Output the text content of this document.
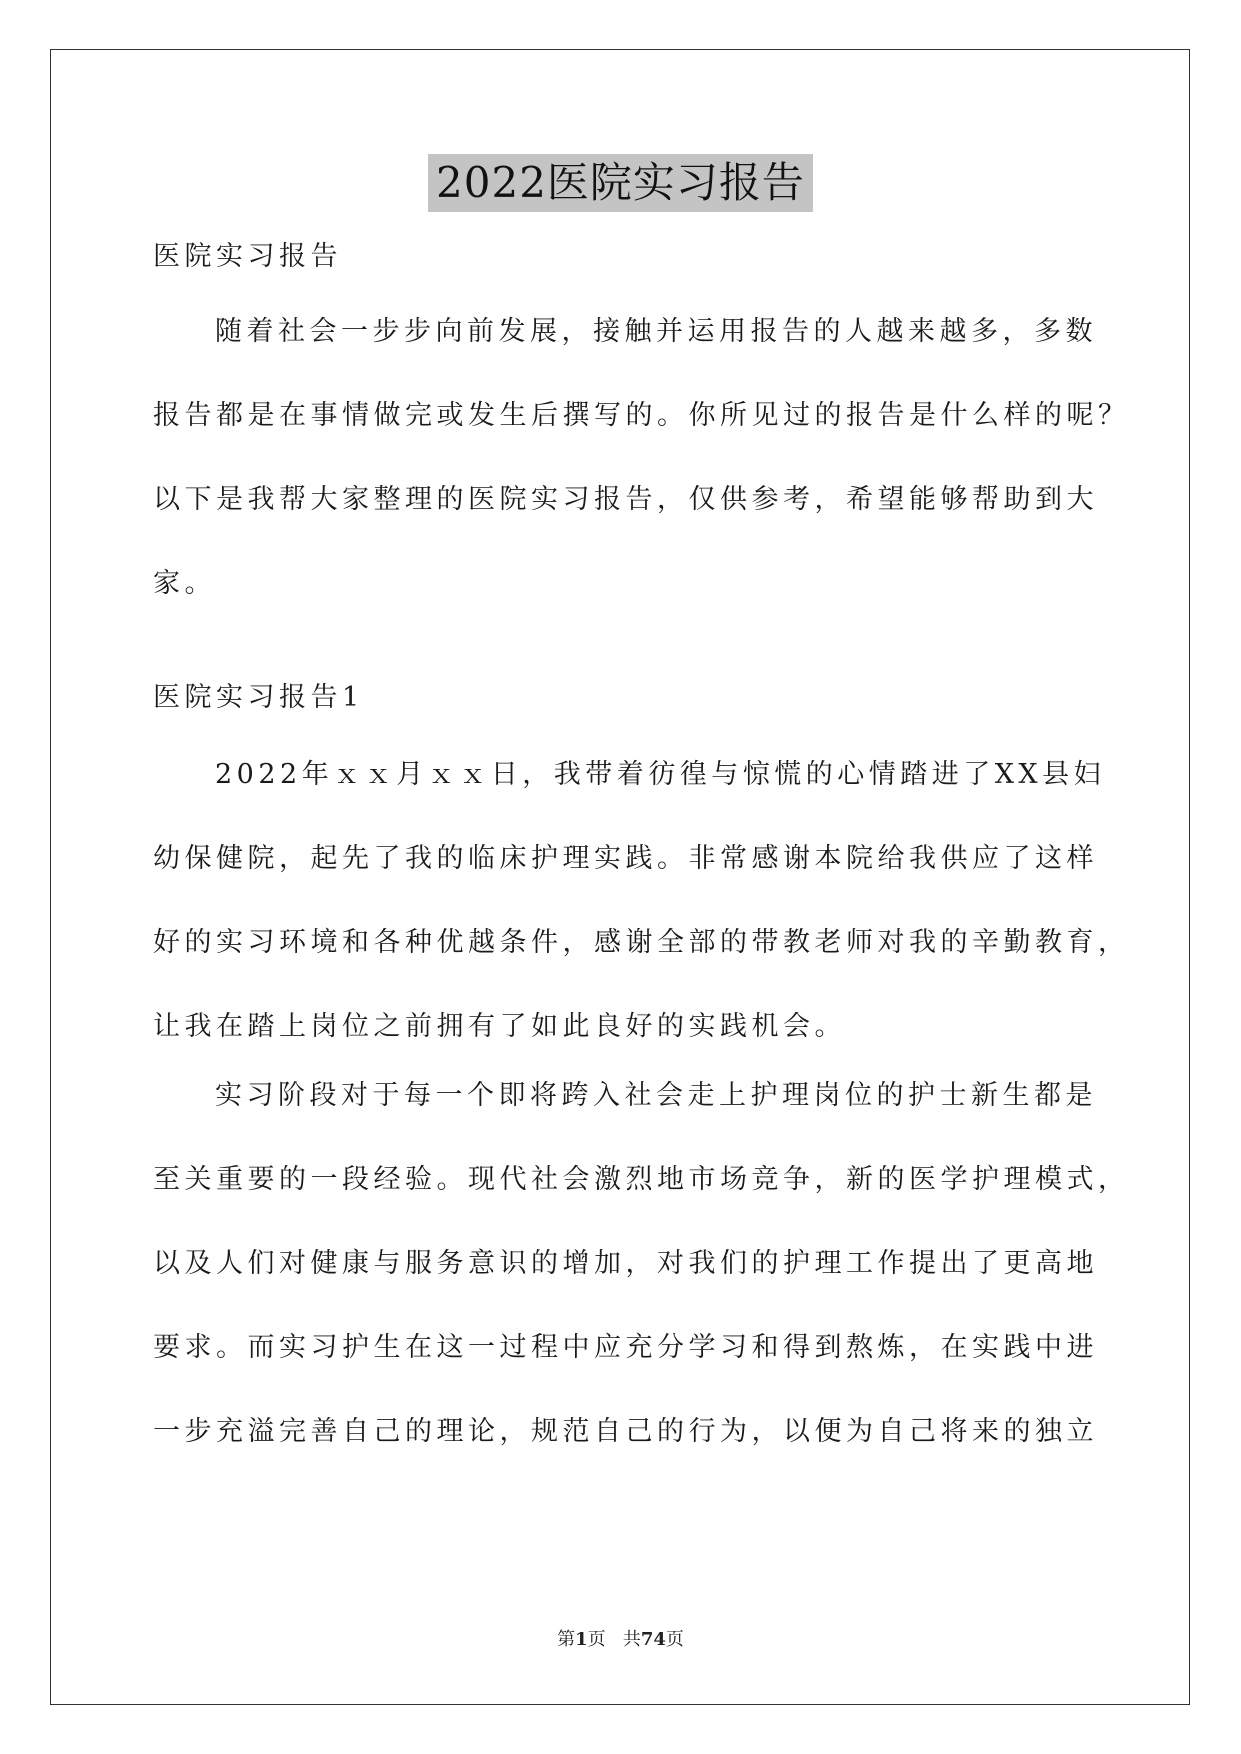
2022医院实习报告

医院实习报告

随着社会一步步向前发展，接触并运用报告的人越来越多，多数
报告都是在事情做完或发生后撰写的。你所见过的报告是什么样的呢？
以下是我帮大家整理的医院实习报告，仅供参考，希望能够帮助到大
家。

医院实习报告1

2022年ｘｘ月ｘｘ日，我带着彷徨与惊慌的心情踏进了XX县妇
幼保健院，起先了我的临床护理实践。非常感谢本院给我供应了这样
好的实习环境和各种优越条件，感谢全部的带教老师对我的辛勤教育，
让我在踏上岗位之前拥有了如此良好的实践机会。
实习阶段对于每一个即将跨入社会走上护理岗位的护士新生都是
至关重要的一段经验。现代社会激烈地市场竞争，新的医学护理模式，
以及人们对健康与服务意识的增加，对我们的护理工作提出了更高地
要求。而实习护生在这一过程中应充分学习和得到熬炼，在实践中进
一步充溢完善自己的理论，规范自己的行为，以便为自己将来的独立
第1页 共74页
